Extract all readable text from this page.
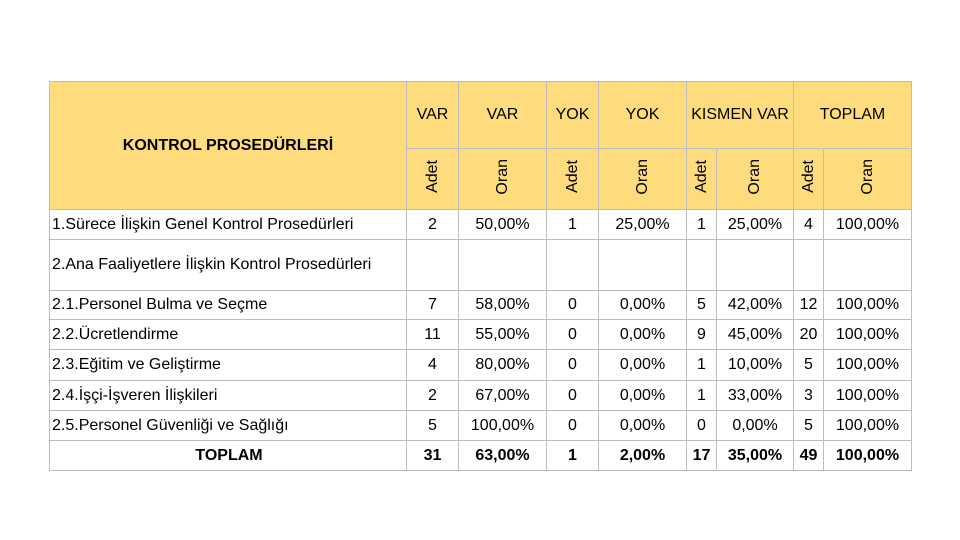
KONTROL PROSEDÜRLERİ	VAR	VAR	YOK	YOK	KISMEN VAR		TOPLAM	
	Adet	Oran	Adet	Oran	Adet	Oran	Adet	Oran
1.Sürece İlişkin Genel Kontrol Prosedürleri	2	50,00%	1	25,00%	1	25,00%	4	100,00%
2.Ana Faaliyetlere İlişkin Kontrol Prosedürleri								
2.1.Personel Bulma ve Seçme	7	58,00%	0	0,00%	5	42,00%	12	100,00%
2.2.Ücretlendirme	11	55,00%	0	0,00%	9	45,00%	20	100,00%
2.3.Eğitim ve Geliştirme	4	80,00%	0	0,00%	1	10,00%	5	100,00%
2.4.İşçi-İşveren İlişkileri	2	67,00%	0	0,00%	1	33,00%	3	100,00%
2.5.Personel Güvenliği ve Sağlığı	5	100,00%	0	0,00%	0	0,00%	5	100,00%
TOPLAM	31	63,00%	1	2,00%	17	35,00%	49	100,00%
